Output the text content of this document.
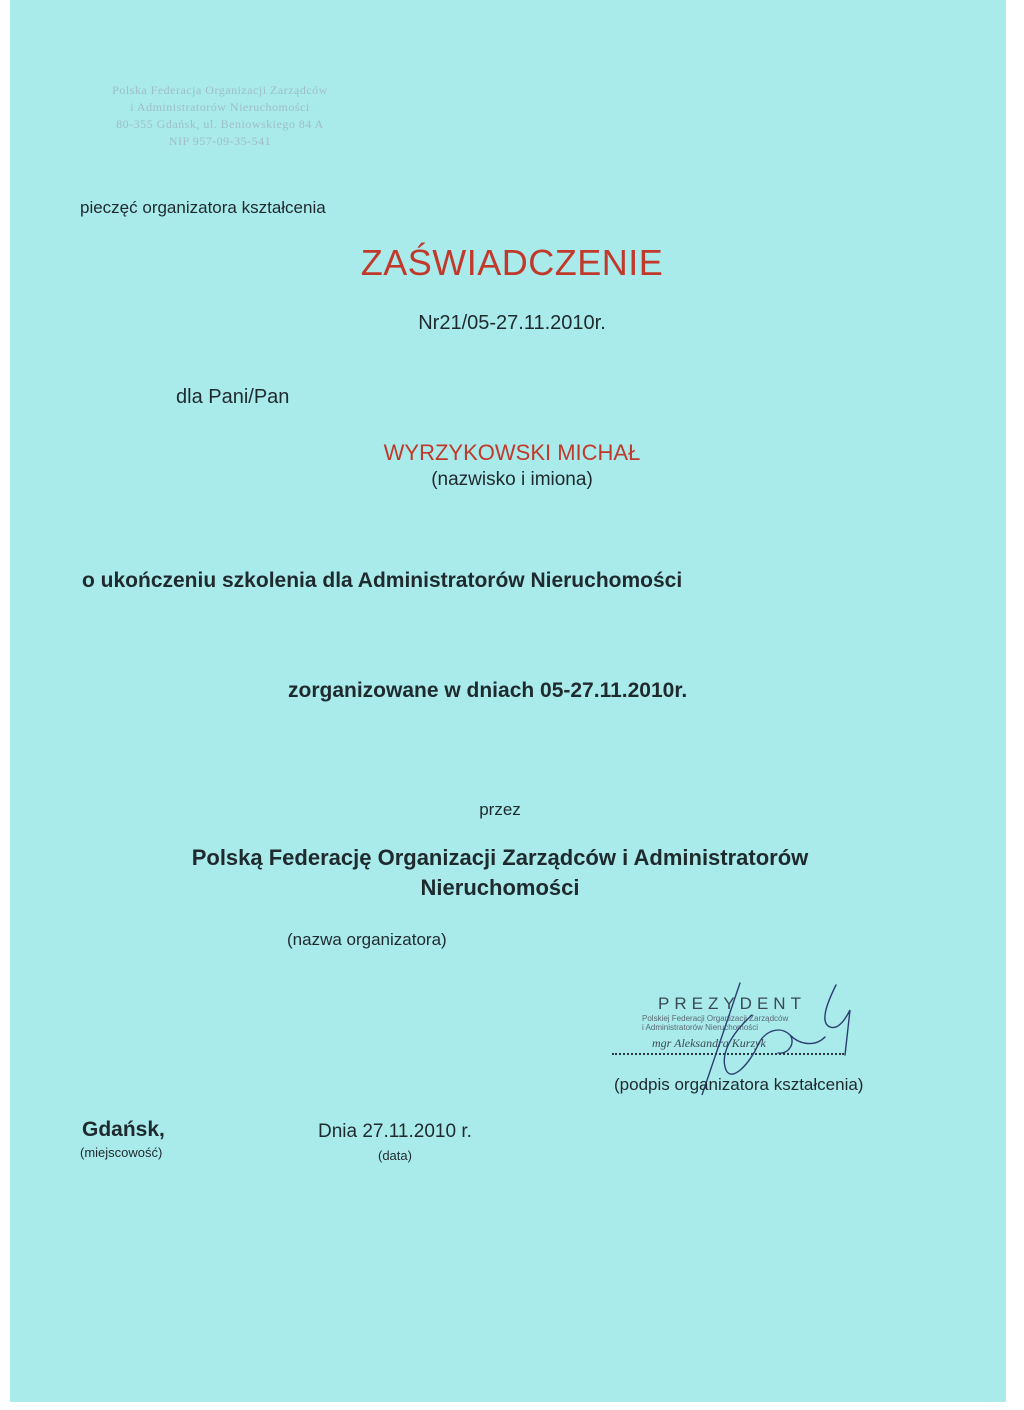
Polska Federacja Organizacji Zarządców
i Administratorów Nieruchomości
80-355 Gdańsk, ul. Beniowskiego 84 A
NIP 957-09-35-541
pieczęć organizatora kształcenia
ZAŚWIADCZENIE
Nr21/05-27.11.2010r.
dla Pani/Pan
WYRZYKOWSKI MICHAŁ
(nazwisko i imiona)
o ukończeniu szkolenia dla Administratorów Nieruchomości
zorganizowane w dniach 05-27.11.2010r.
przez
Polską Federację Organizacji Zarządców i Administratorów
Nieruchomości
(nazwa organizatora)
PREZYDENT
Polskiej Federacji Organizacji Zarządców
i Administratorów Nieruchomości
mgr Aleksandra Kurzyk
(podpis organizatora kształcenia)
Gdańsk,
(miejscowość)
Dnia 27.11.2010 r.
(data)
